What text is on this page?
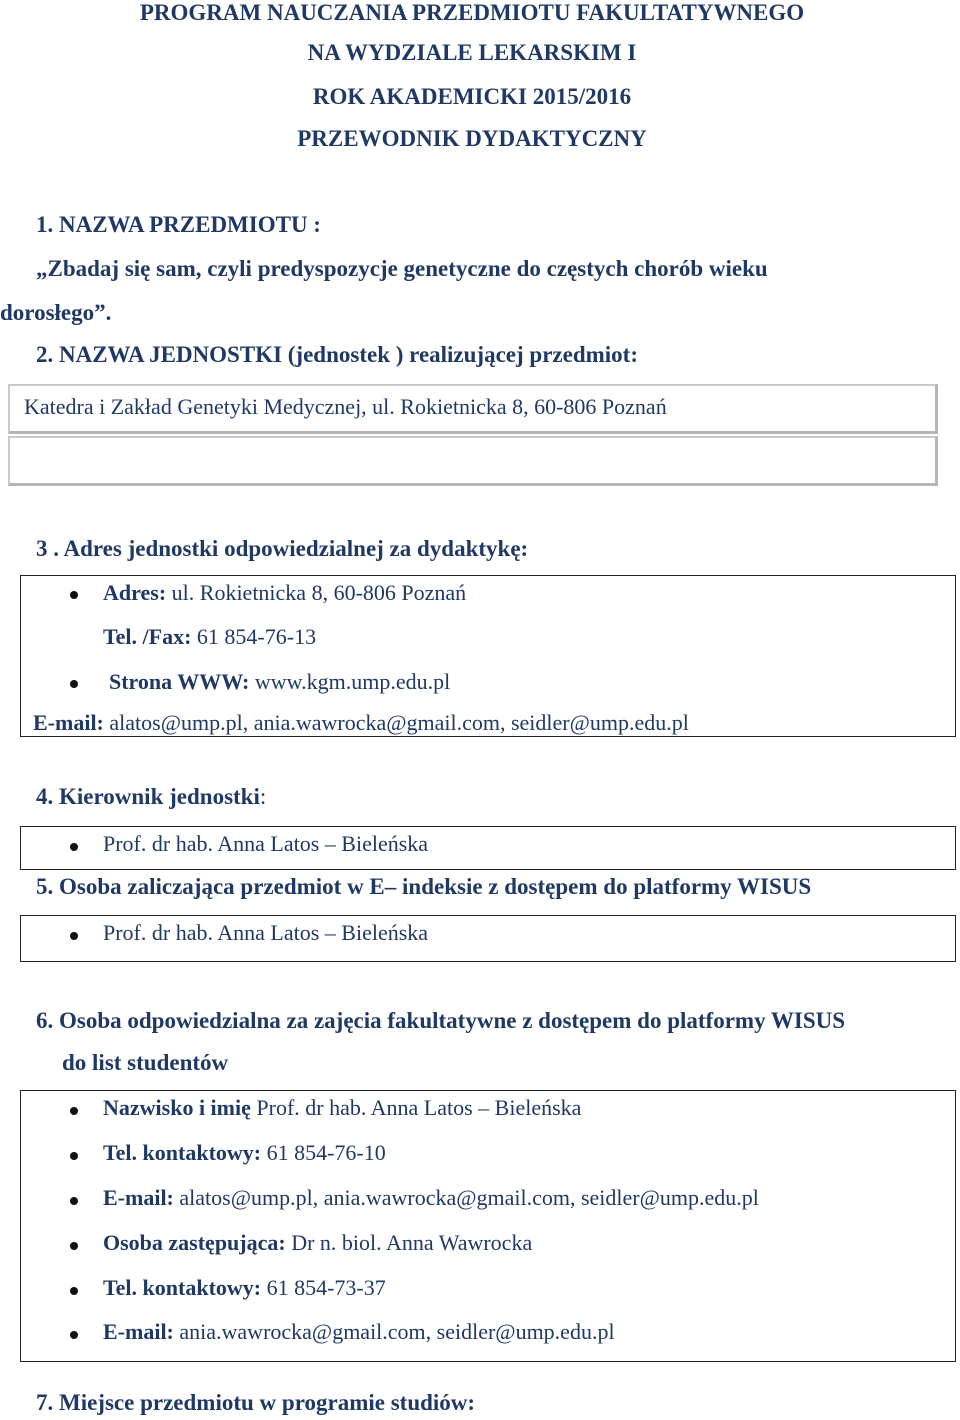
PROGRAM NAUCZANIA PRZEDMIOTU FAKULTATYWNEGO
NA WYDZIALE LEKARSKIM I
ROK AKADEMICKI 2015/2016
PRZEWODNIK DYDAKTYCZNY
1. NAZWA PRZEDMIOTU :
„Zbadaj się sam, czyli predyspozycje genetyczne do częstych chorób wieku
dorosłego”.
2. NAZWA JEDNOSTKI (jednostek ) realizującej przedmiot:
Katedra i Zakład Genetyki Medycznej, ul. Rokietnicka 8, 60-806 Poznań
3 . Adres jednostki odpowiedzialnej za dydaktykę:
Adres: ul. Rokietnicka 8, 60-806 Poznań
Tel. /Fax: 61 854-76-13
Strona WWW: www.kgm.ump.edu.pl
E-mail: alatos@ump.pl, ania.wawrocka@gmail.com, seidler@ump.edu.pl
4. Kierownik jednostki:
Prof. dr hab. Anna Latos – Bieleńska
5. Osoba zaliczająca przedmiot w E– indeksie z dostępem do platformy WISUS
Prof. dr hab. Anna Latos – Bieleńska
6. Osoba odpowiedzialna za zajęcia fakultatywne z dostępem do platformy WISUS
do list studentów
Nazwisko i imię Prof. dr hab. Anna Latos – Bieleńska
Tel. kontaktowy: 61 854-76-10
E-mail: alatos@ump.pl, ania.wawrocka@gmail.com, seidler@ump.edu.pl
Osoba zastępująca: Dr n. biol. Anna Wawrocka
Tel. kontaktowy: 61 854-73-37
E-mail: ania.wawrocka@gmail.com, seidler@ump.edu.pl
7. Miejsce przedmiotu w programie studiów:
